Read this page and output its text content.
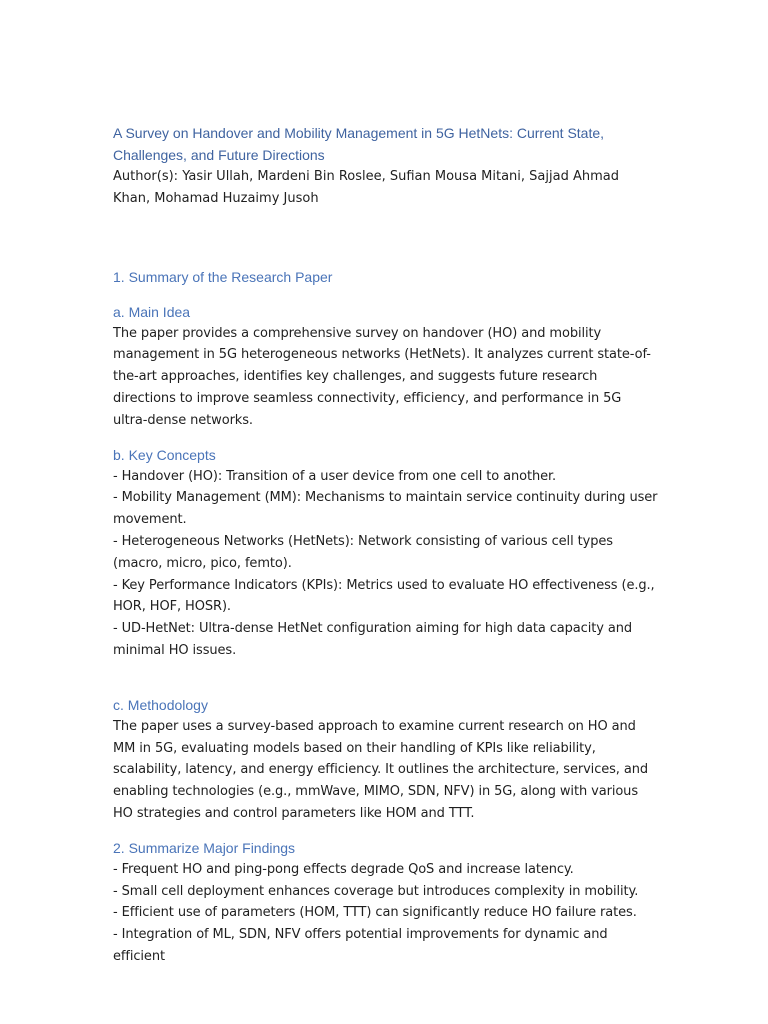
A Survey on Handover and Mobility Management in 5G HetNets: Current State, Challenges, and Future Directions

Author(s): Yasir Ullah, Mardeni Bin Roslee, Sufian Mousa Mitani, Sajjad Ahmad Khan, Mohamad Huzaimy Jusoh

1. Summary of the Research Paper
a. Main Idea

The paper provides a comprehensive survey on handover (HO) and mobility management in 5G heterogeneous networks (HetNets). It analyzes current state-of-the-art approaches, identifies key challenges, and suggests future research directions to improve seamless connectivity, efficiency, and performance in 5G ultra-dense networks.

b. Key Concepts
- Handover (HO): Transition of a user device from one cell to another.
- Mobility Management (MM): Mechanisms to maintain service continuity during user movement.
- Heterogeneous Networks (HetNets): Network consisting of various cell types (macro, micro, pico, femto).
- Key Performance Indicators (KPIs): Metrics used to evaluate HO effectiveness (e.g., HOR, HOF, HOSR).
- UD-HetNet: Ultra-dense HetNet configuration aiming for high data capacity and minimal HO issues.
c. Methodology

The paper uses a survey-based approach to examine current research on HO and MM in 5G, evaluating models based on their handling of KPIs like reliability, scalability, latency, and energy efficiency. It outlines the architecture, services, and enabling technologies (e.g., mmWave, MIMO, SDN, NFV) in 5G, along with various HO strategies and control parameters like HOM and TTT.

2. Summarize Major Findings
- Frequent HO and ping-pong effects degrade QoS and increase latency.
- Small cell deployment enhances coverage but introduces complexity in mobility.
- Efficient use of parameters (HOM, TTT) can significantly reduce HO failure rates.
- Integration of ML, SDN, NFV offers potential improvements for dynamic and efficient
